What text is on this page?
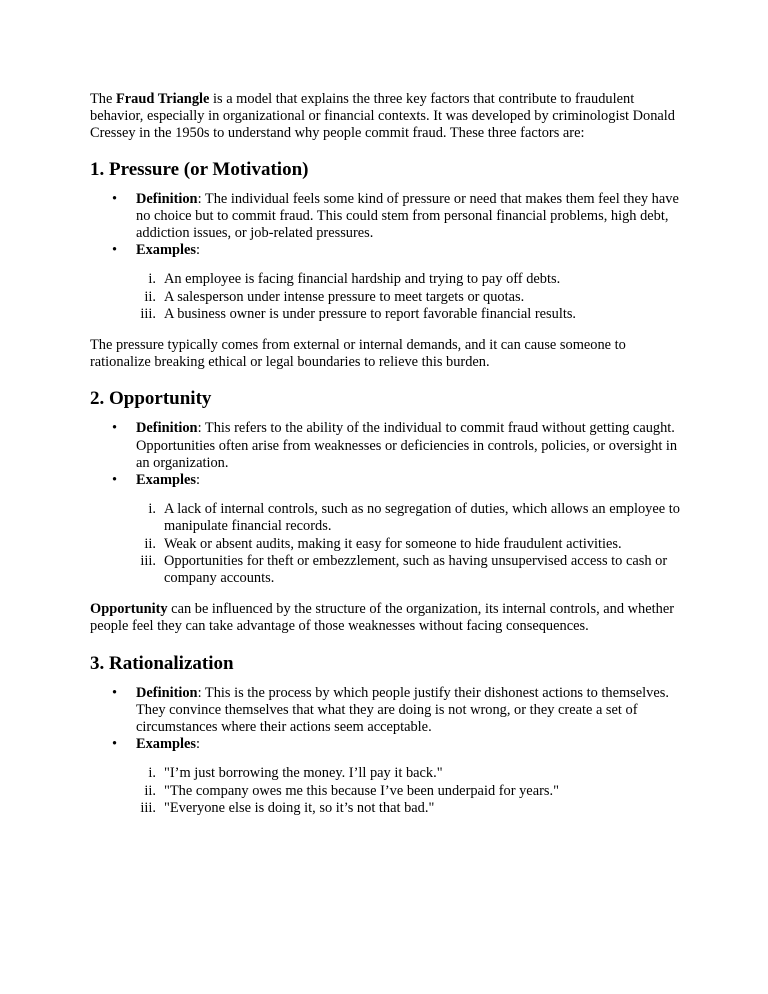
The Fraud Triangle is a model that explains the three key factors that contribute to fraudulent behavior, especially in organizational or financial contexts. It was developed by criminologist Donald Cressey in the 1950s to understand why people commit fraud. These three factors are:

1. Pressure (or Motivation)
• Definition: The individual feels some kind of pressure or need that makes them feel they have no choice but to commit fraud. This could stem from personal financial problems, high debt, addiction issues, or job-related pressures.
• Examples:
i. An employee is facing financial hardship and trying to pay off debts.
ii. A salesperson under intense pressure to meet targets or quotas.
iii. A business owner is under pressure to report favorable financial results.

The pressure typically comes from external or internal demands, and it can cause someone to rationalize breaking ethical or legal boundaries to relieve this burden.

2. Opportunity
• Definition: This refers to the ability of the individual to commit fraud without getting caught. Opportunities often arise from weaknesses or deficiencies in controls, policies, or oversight in an organization.
• Examples:
i. A lack of internal controls, such as no segregation of duties, which allows an employee to manipulate financial records.
ii. Weak or absent audits, making it easy for someone to hide fraudulent activities.
iii. Opportunities for theft or embezzlement, such as having unsupervised access to cash or company accounts.

Opportunity can be influenced by the structure of the organization, its internal controls, and whether people feel they can take advantage of those weaknesses without facing consequences.

3. Rationalization
• Definition: This is the process by which people justify their dishonest actions to themselves. They convince themselves that what they are doing is not wrong, or they create a set of circumstances where their actions seem acceptable.
• Examples:
i. "I’m just borrowing the money. I’ll pay it back."
ii. "The company owes me this because I’ve been underpaid for years."
iii. "Everyone else is doing it, so it’s not that bad."
